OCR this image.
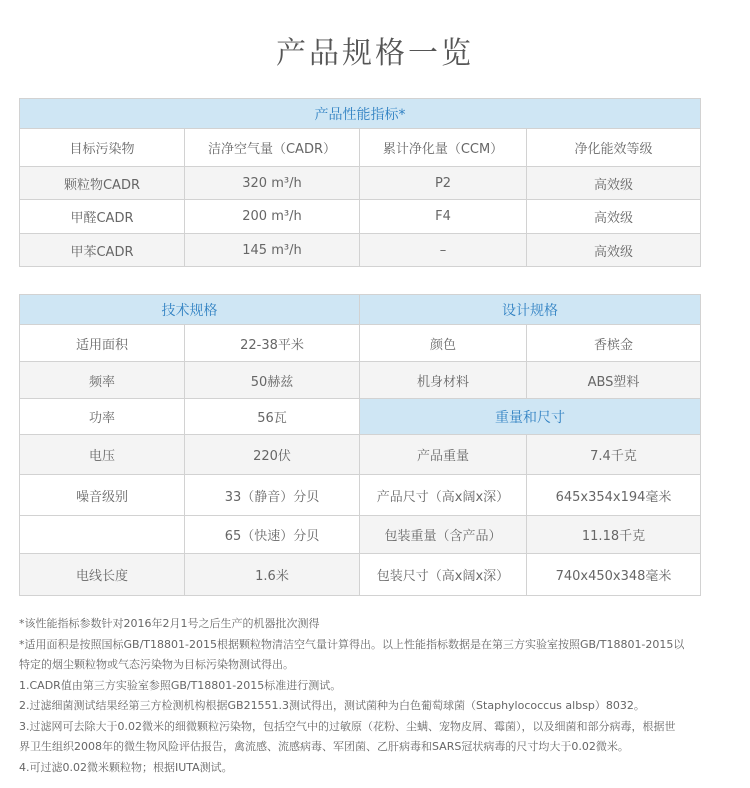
产品规格一览
产品性能指标*			
目标污染物	洁净空气量（CADR）	累计净化量（CCM）	净化能效等级
颗粒物CADR	320 m³/h	P2	高效级
甲醛CADR	200 m³/h	F4	高效级
甲苯CADR	145 m³/h	–	高效级
技术规格		设计规格	
适用面积	22-38平米	颜色	香槟金
频率	50赫兹	机身材料	ABS塑料
功率	56瓦	重量和尺寸	
电压	220伏	产品重量	7.4千克
噪音级别	33（静音）分贝	产品尺寸（高x阔x深）	645x354x194毫米
	65（快速）分贝	包装重量（含产品）	11.18千克
电线长度	1.6米	包装尺寸（高x阔x深）	740x450x348毫米
*该性能指标参数针对2016年2月1号之后生产的机器批次测得
*适用面积是按照国标GB/T18801-2015根据颗粒物清洁空气量计算得出。以上性能指标数据是在第三方实验室按照GB/T18801-2015以
特定的烟尘颗粒物或气态污染物为目标污染物测试得出。
1.CADR值由第三方实验室参照GB/T18801-2015标准进行测试。
2.过滤细菌测试结果经第三方检测机构根据GB21551.3测试得出，测试菌种为白色葡萄球菌（Staphylococcus albsp）8032。
3.过滤网可去除大于0.02微米的细微颗粒污染物，包括空气中的过敏原（花粉、尘螨、宠物皮屑、霉菌），以及细菌和部分病毒，根据世
界卫生组织2008年的微生物风险评估报告，禽流感、流感病毒、军团菌、乙肝病毒和SARS冠状病毒的尺寸均大于0.02微米。
4.可过滤0.02微米颗粒物；根据IUTA测试。
